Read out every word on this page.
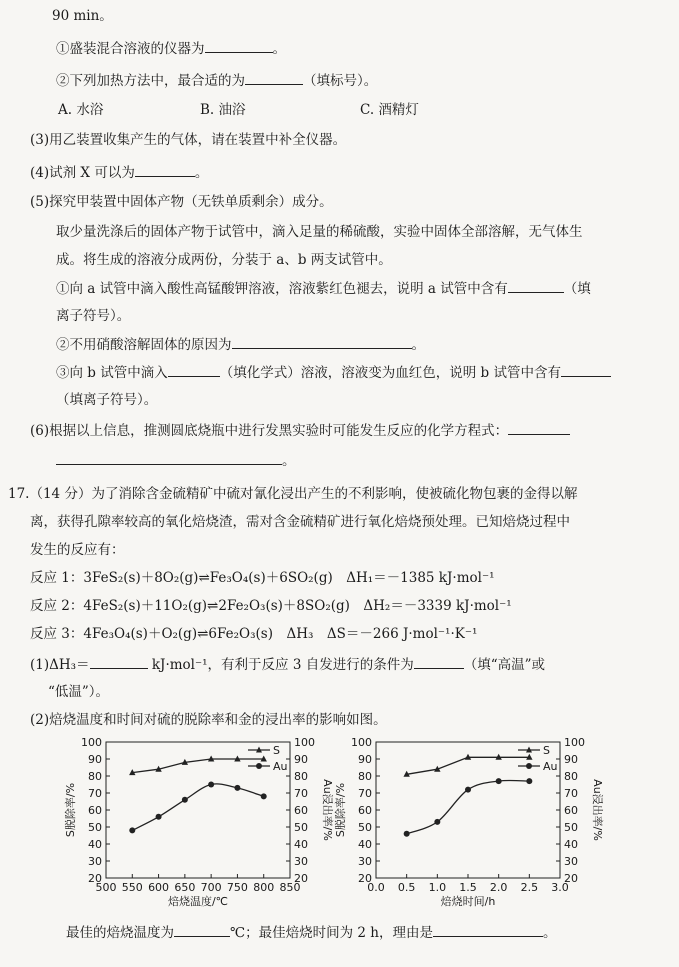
90 min。
①盛装混合溶液的仪器为	。
②下列加热方法中，最合适的为	（填标号）。
A. 水浴	B. 油浴	C. 酒精灯
(3)用乙装置收集产生的气体，请在装置中补全仪器。
(4)试剂 X 可以为	。
(5)探究甲装置中固体产物（无铁单质剩余）成分。
取少量洗涤后的固体产物于试管中，滴入足量的稀硫酸，实验中固体全部溶解，无气体生
成。将生成的溶液分成两份，分装于 a、b 两支试管中。
①向 a 试管中滴入酸性高锰酸钾溶液，溶液紫红色褪去，说明 a 试管中含有	（填
离子符号）。
②不用硝酸溶解固体的原因为	。
③向 b 试管中滴入	（填化学式）溶液，溶液变为血红色，说明 b 试管中含有
（填离子符号）。
(6)根据以上信息，推测圆底烧瓶中进行发黑实验时可能发生反应的化学方程式：
。
17.（14 分）为了消除含金硫精矿中硫对氰化浸出产生的不利影响，使被硫化物包裹的金得以解
离，获得孔隙率较高的氧化焙烧渣，需对含金硫精矿进行氧化焙烧预处理。已知焙烧过程中
发生的反应有：
反应 1：3FeS₂(s)＋8O₂(g)⇌Fe₃O₄(s)＋6SO₂(g)　ΔH₁＝－1385 kJ·mol⁻¹
反应 2：4FeS₂(s)＋11O₂(g)⇌2Fe₂O₃(s)＋8SO₂(g)　ΔH₂＝－3339 kJ·mol⁻¹
反应 3：4Fe₃O₄(s)＋O₂(g)⇌6Fe₂O₃(s)　ΔH₃　ΔS＝－266 J·mol⁻¹·K⁻¹
(1)ΔH₃＝	kJ·mol⁻¹，有利于反应 3 自发进行的条件为	（填“高温”或
“低温”）。
(2)焙烧温度和时间对硫的脱除率和金的浸出率的影响如图。
20	20
30	30
40	40
50	50
60	60
70	70
80	80
90	90
100	100
500 550 600 650 700 750 800 850
焙烧温度/℃
S脱除率/%	Au浸出率/%
S
Au
20	20
30	30
40	40
50	50
60	60
70	70
80	80
90	90
100	100
0.0 0.5 1.0 1.5 2.0 2.5 3.0
焙烧时间/h
S脱除率/%	Au浸出率/%
S
Au
最佳的焙烧温度为	℃；最佳焙烧时间为 2 h，理由是	。
